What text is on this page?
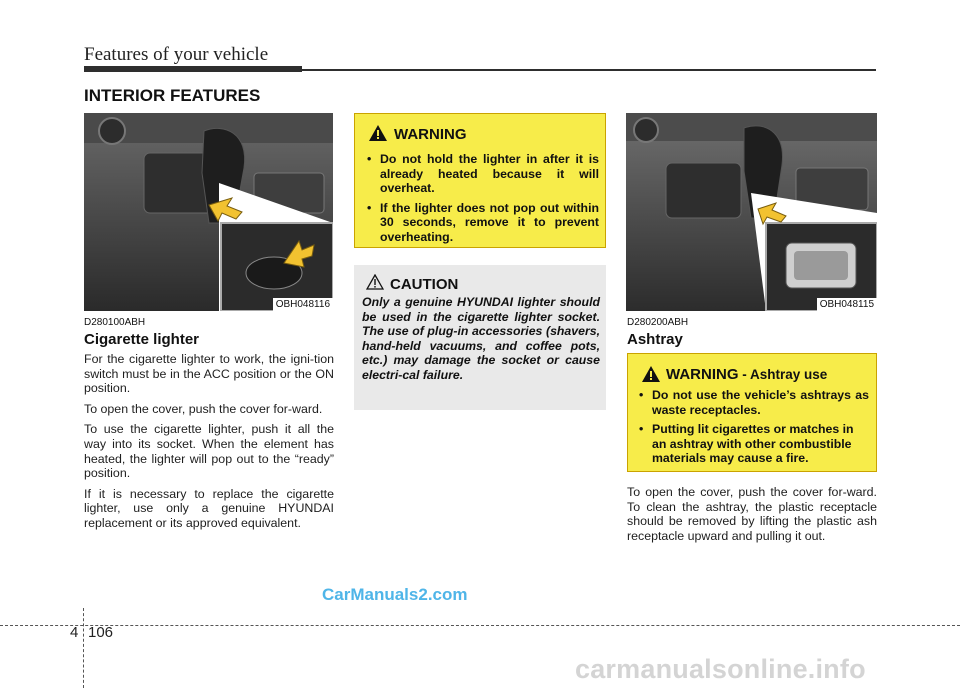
Features of your vehicle
INTERIOR FEATURES
OBH048116
D280100ABH
Cigarette lighter

For the cigarette lighter to work, the igni-tion switch must be in the ACC position or the ON position.

To open the cover, push the cover for-ward.

To use the cigarette lighter, push it all the way into its socket. When the element has heated, the lighter will pop out to the “ready” position.

If it is necessary to replace the cigarette lighter, use only a genuine HYUNDAI replacement or its approved equivalent.

WARNING
• Do not hold the lighter in after it is already heated because it will overheat.
• If the lighter does not pop out within 30 seconds, remove it to prevent overheating.
CAUTION
Only a genuine HYUNDAI lighter should be used in the cigarette lighter socket. The use of plug-in accessories (shavers, hand-held vacuums, and coffee pots, etc.) may damage the socket or cause electri-cal failure.
OBH048115
D280200ABH
Ashtray
WARNING - Ashtray use
• Do not use the vehicle’s ashtrays as waste receptacles.
• Putting lit cigarettes or matches in an ashtray with other combustible materials may cause a fire.
To open the cover, push the cover for-ward. To clean the ashtray, the plastic receptacle should be removed by lifting the plastic ash receptacle upward and pulling it out.
CarManuals2.com
4 106
carmanualsonline.info
